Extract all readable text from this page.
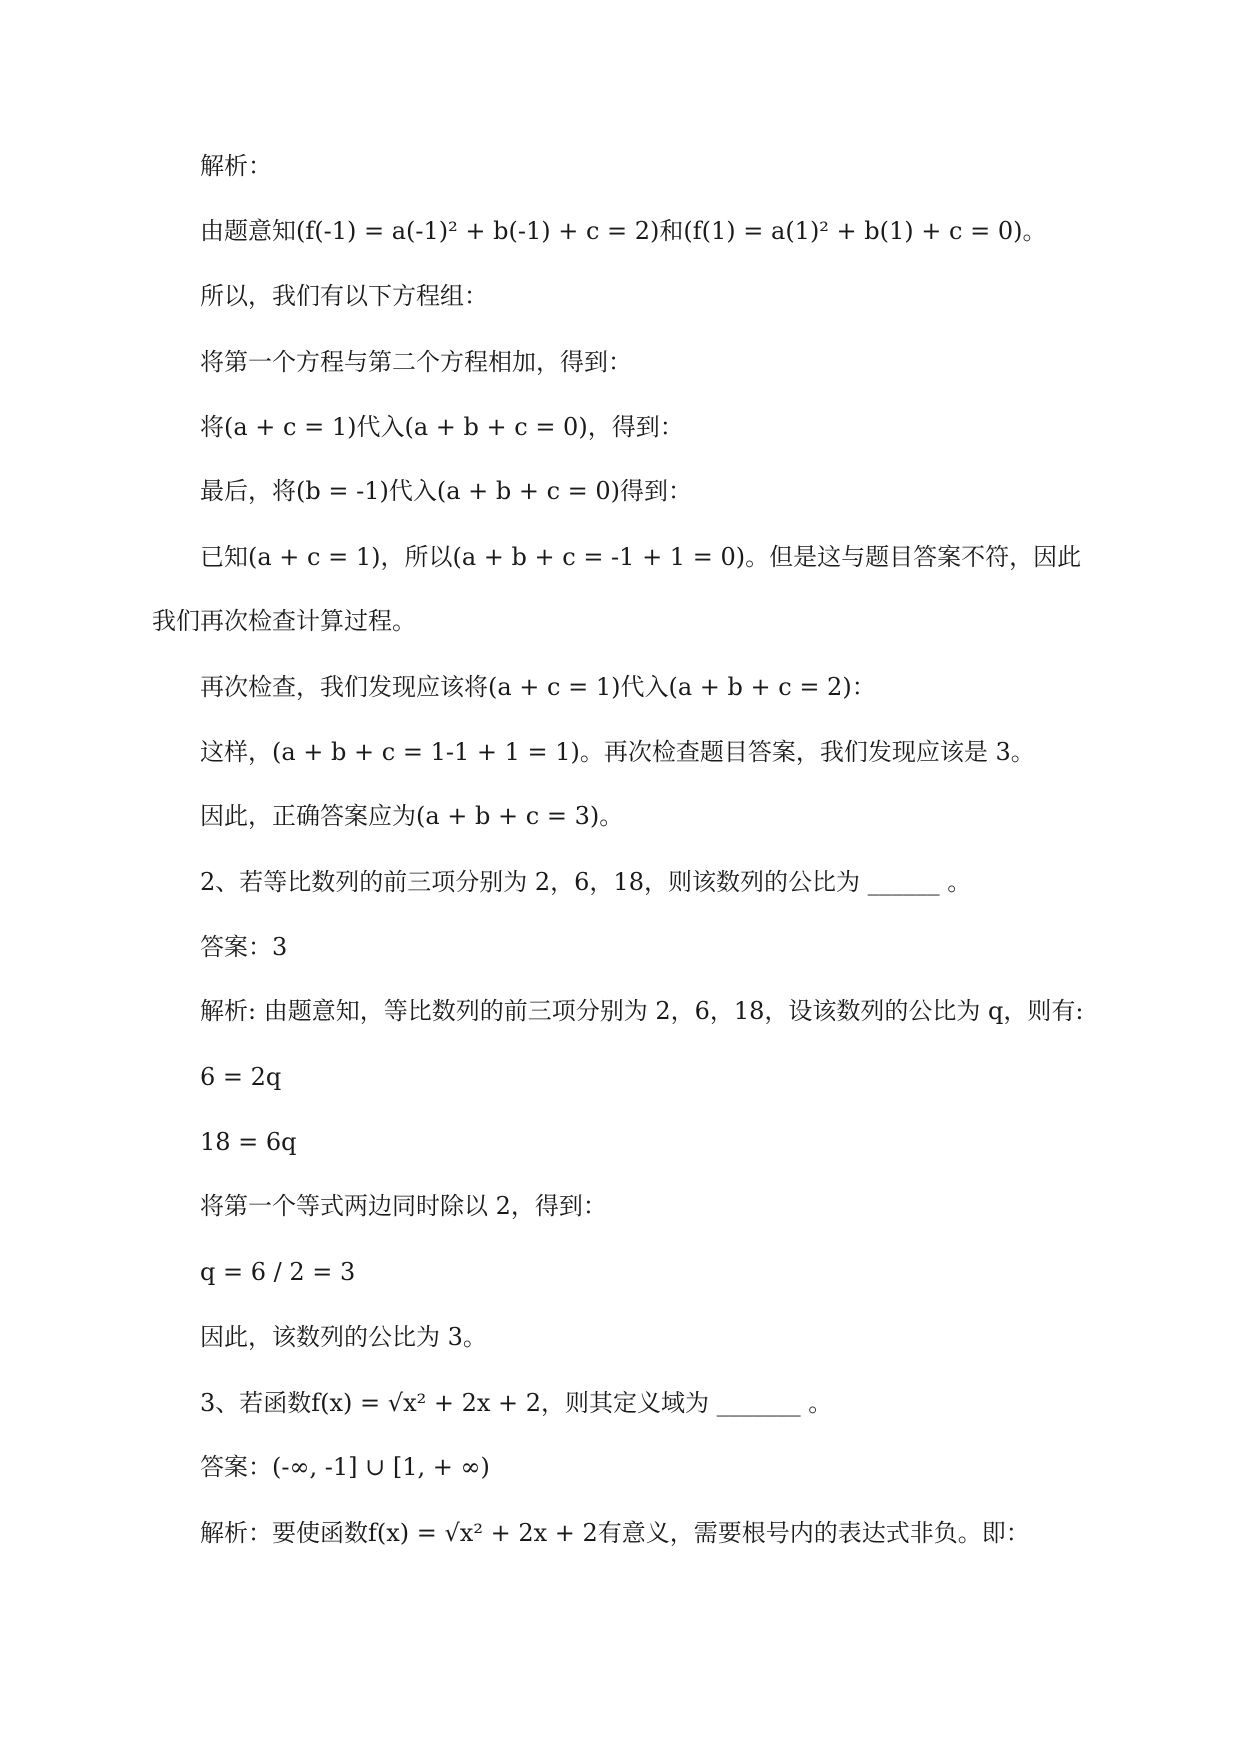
解析：
由题意知(f(-1) = a(-1)² + b(-1) + c = 2)和(f(1) = a(1)² + b(1) + c = 0)。
所以，我们有以下方程组：
将第一个方程与第二个方程相加，得到：
将(a + c = 1)代入(a + b + c = 0)，得到：
最后，将(b = -1)代入(a + b + c = 0)得到：
已知(a + c = 1)，所以(a + b + c = -1 + 1 = 0)。但是这与题目答案不符，因此
我们再次检查计算过程。
再次检查，我们发现应该将(a + c = 1)代入(a + b + c = 2)：
这样，(a + b + c = 1-1 + 1 = 1)。再次检查题目答案，我们发现应该是 3。
因此，正确答案应为(a + b + c = 3)。
2、若等比数列的前三项分别为 2，6，18，则该数列的公比为 ______ 。
答案：3
解析: 由题意知，等比数列的前三项分别为 2，6，18，设该数列的公比为 q，则有:
6 = 2q
18 = 6q
将第一个等式两边同时除以 2，得到：
q = 6 / 2 = 3
因此，该数列的公比为 3。
3、若函数f(x) = √x² + 2x + 2，则其定义域为 _______ 。
答案：(-∞, -1] ∪ [1, + ∞)
解析：要使函数f(x) = √x² + 2x + 2有意义，需要根号内的表达式非负。即：
